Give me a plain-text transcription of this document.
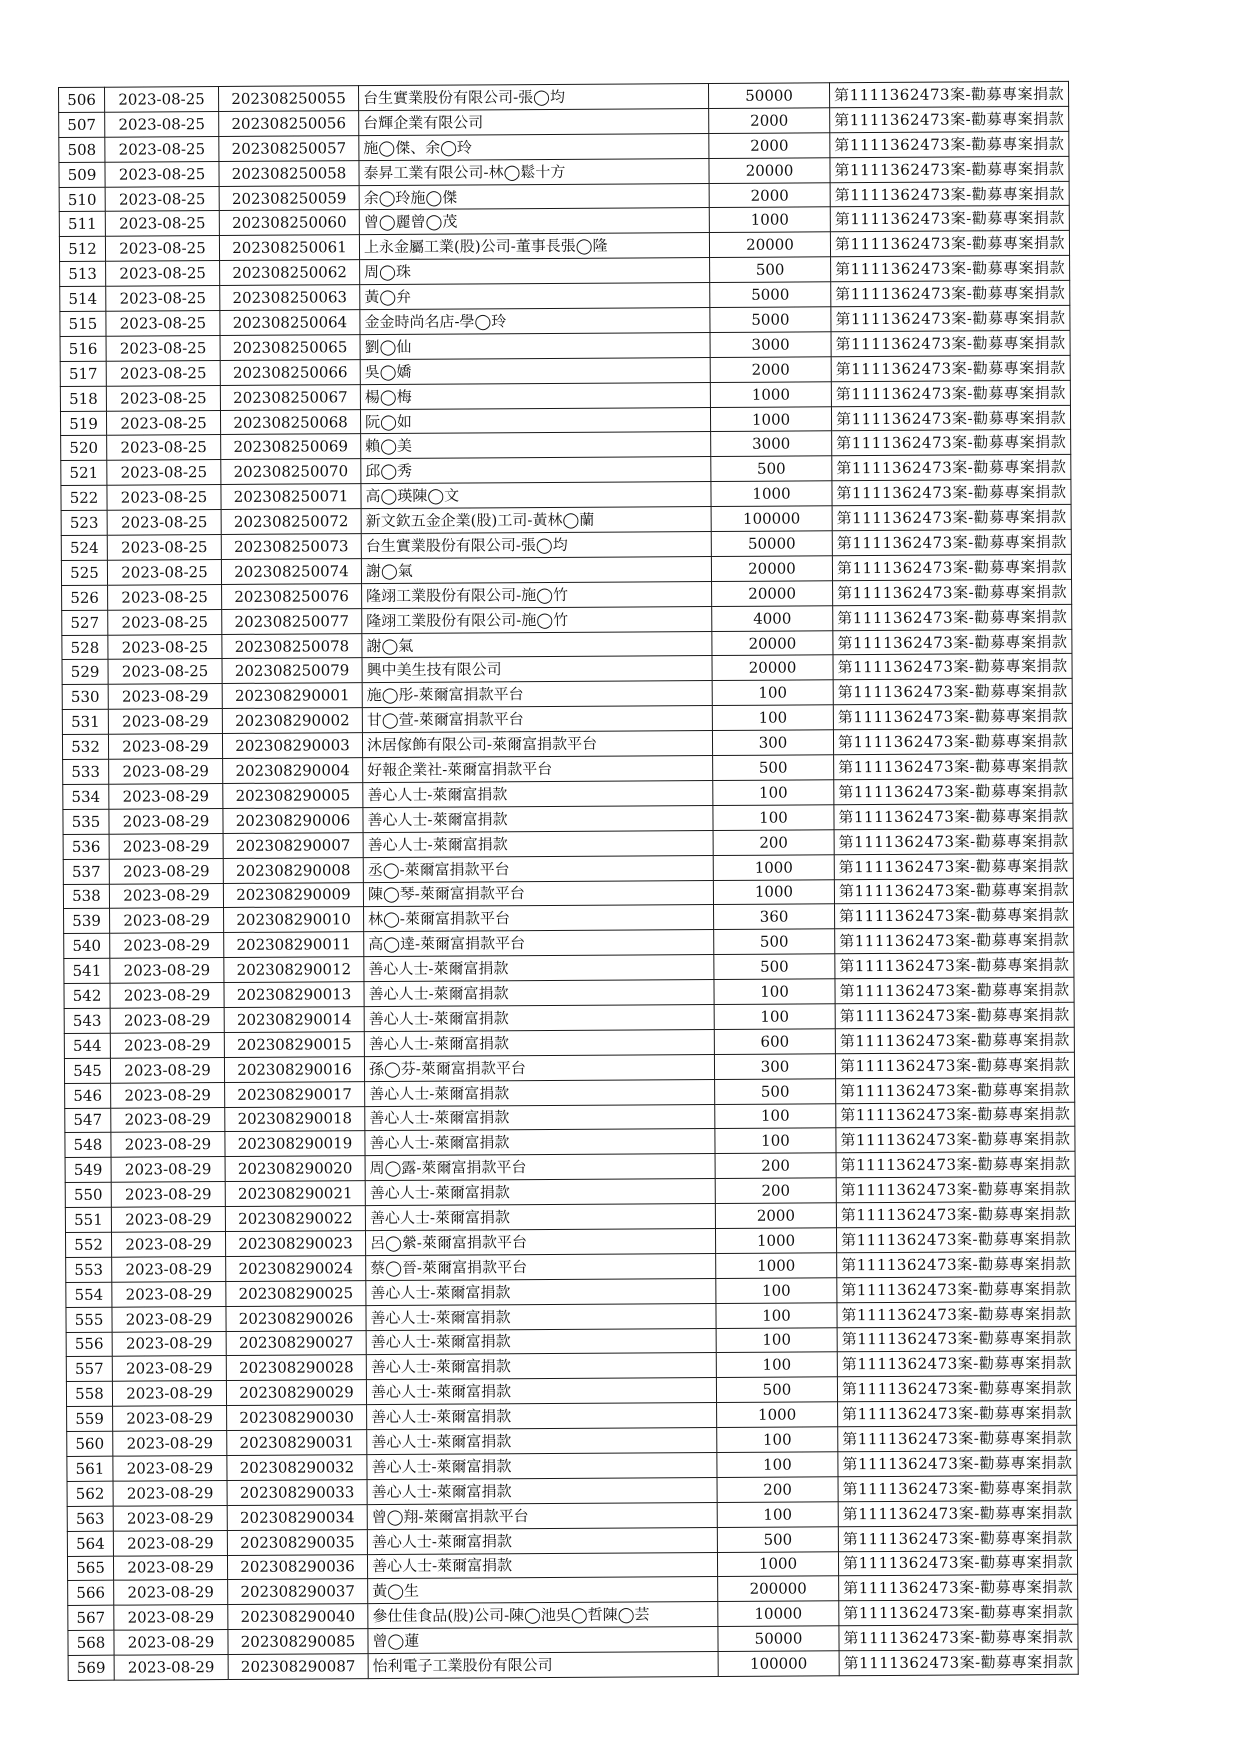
506	2023-08-25	202308250055	台生實業股份有限公司-張◯均	50000	第1111362473案-勸募專案捐款
507	2023-08-25	202308250056	台輝企業有限公司	2000	第1111362473案-勸募專案捐款
508	2023-08-25	202308250057	施◯傑、余◯玲	2000	第1111362473案-勸募專案捐款
509	2023-08-25	202308250058	泰昇工業有限公司-林◯鬆十方	20000	第1111362473案-勸募專案捐款
510	2023-08-25	202308250059	余◯玲施◯傑	2000	第1111362473案-勸募專案捐款
511	2023-08-25	202308250060	曾◯麗曾◯茂	1000	第1111362473案-勸募專案捐款
512	2023-08-25	202308250061	上永金屬工業(股)公司-董事長張◯隆	20000	第1111362473案-勸募專案捐款
513	2023-08-25	202308250062	周◯珠	500	第1111362473案-勸募專案捐款
514	2023-08-25	202308250063	黃◯弁	5000	第1111362473案-勸募專案捐款
515	2023-08-25	202308250064	金金時尚名店-學◯玲	5000	第1111362473案-勸募專案捐款
516	2023-08-25	202308250065	劉◯仙	3000	第1111362473案-勸募專案捐款
517	2023-08-25	202308250066	吳◯嬌	2000	第1111362473案-勸募專案捐款
518	2023-08-25	202308250067	楊◯梅	1000	第1111362473案-勸募專案捐款
519	2023-08-25	202308250068	阮◯如	1000	第1111362473案-勸募專案捐款
520	2023-08-25	202308250069	賴◯美	3000	第1111362473案-勸募專案捐款
521	2023-08-25	202308250070	邱◯秀	500	第1111362473案-勸募專案捐款
522	2023-08-25	202308250071	高◯瑛陳◯文	1000	第1111362473案-勸募專案捐款
523	2023-08-25	202308250072	新文欽五金企業(股)工司-黃林◯蘭	100000	第1111362473案-勸募專案捐款
524	2023-08-25	202308250073	台生實業股份有限公司-張◯均	50000	第1111362473案-勸募專案捐款
525	2023-08-25	202308250074	謝◯氣	20000	第1111362473案-勸募專案捐款
526	2023-08-25	202308250076	隆翊工業股份有限公司-施◯竹	20000	第1111362473案-勸募專案捐款
527	2023-08-25	202308250077	隆翊工業股份有限公司-施◯竹	4000	第1111362473案-勸募專案捐款
528	2023-08-25	202308250078	謝◯氣	20000	第1111362473案-勸募專案捐款
529	2023-08-25	202308250079	興中美生技有限公司	20000	第1111362473案-勸募專案捐款
530	2023-08-29	202308290001	施◯彤-萊爾富捐款平台	100	第1111362473案-勸募專案捐款
531	2023-08-29	202308290002	甘◯萱-萊爾富捐款平台	100	第1111362473案-勸募專案捐款
532	2023-08-29	202308290003	沐居傢飾有限公司-萊爾富捐款平台	300	第1111362473案-勸募專案捐款
533	2023-08-29	202308290004	好報企業社-萊爾富捐款平台	500	第1111362473案-勸募專案捐款
534	2023-08-29	202308290005	善心人士-萊爾富捐款	100	第1111362473案-勸募專案捐款
535	2023-08-29	202308290006	善心人士-萊爾富捐款	100	第1111362473案-勸募專案捐款
536	2023-08-29	202308290007	善心人士-萊爾富捐款	200	第1111362473案-勸募專案捐款
537	2023-08-29	202308290008	丞◯-萊爾富捐款平台	1000	第1111362473案-勸募專案捐款
538	2023-08-29	202308290009	陳◯琴-萊爾富捐款平台	1000	第1111362473案-勸募專案捐款
539	2023-08-29	202308290010	林◯-萊爾富捐款平台	360	第1111362473案-勸募專案捐款
540	2023-08-29	202308290011	高◯達-萊爾富捐款平台	500	第1111362473案-勸募專案捐款
541	2023-08-29	202308290012	善心人士-萊爾富捐款	500	第1111362473案-勸募專案捐款
542	2023-08-29	202308290013	善心人士-萊爾富捐款	100	第1111362473案-勸募專案捐款
543	2023-08-29	202308290014	善心人士-萊爾富捐款	100	第1111362473案-勸募專案捐款
544	2023-08-29	202308290015	善心人士-萊爾富捐款	600	第1111362473案-勸募專案捐款
545	2023-08-29	202308290016	孫◯芬-萊爾富捐款平台	300	第1111362473案-勸募專案捐款
546	2023-08-29	202308290017	善心人士-萊爾富捐款	500	第1111362473案-勸募專案捐款
547	2023-08-29	202308290018	善心人士-萊爾富捐款	100	第1111362473案-勸募專案捐款
548	2023-08-29	202308290019	善心人士-萊爾富捐款	100	第1111362473案-勸募專案捐款
549	2023-08-29	202308290020	周◯露-萊爾富捐款平台	200	第1111362473案-勸募專案捐款
550	2023-08-29	202308290021	善心人士-萊爾富捐款	200	第1111362473案-勸募專案捐款
551	2023-08-29	202308290022	善心人士-萊爾富捐款	2000	第1111362473案-勸募專案捐款
552	2023-08-29	202308290023	呂◯縈-萊爾富捐款平台	1000	第1111362473案-勸募專案捐款
553	2023-08-29	202308290024	蔡◯晉-萊爾富捐款平台	1000	第1111362473案-勸募專案捐款
554	2023-08-29	202308290025	善心人士-萊爾富捐款	100	第1111362473案-勸募專案捐款
555	2023-08-29	202308290026	善心人士-萊爾富捐款	100	第1111362473案-勸募專案捐款
556	2023-08-29	202308290027	善心人士-萊爾富捐款	100	第1111362473案-勸募專案捐款
557	2023-08-29	202308290028	善心人士-萊爾富捐款	100	第1111362473案-勸募專案捐款
558	2023-08-29	202308290029	善心人士-萊爾富捐款	500	第1111362473案-勸募專案捐款
559	2023-08-29	202308290030	善心人士-萊爾富捐款	1000	第1111362473案-勸募專案捐款
560	2023-08-29	202308290031	善心人士-萊爾富捐款	100	第1111362473案-勸募專案捐款
561	2023-08-29	202308290032	善心人士-萊爾富捐款	100	第1111362473案-勸募專案捐款
562	2023-08-29	202308290033	善心人士-萊爾富捐款	200	第1111362473案-勸募專案捐款
563	2023-08-29	202308290034	曾◯翔-萊爾富捐款平台	100	第1111362473案-勸募專案捐款
564	2023-08-29	202308290035	善心人士-萊爾富捐款	500	第1111362473案-勸募專案捐款
565	2023-08-29	202308290036	善心人士-萊爾富捐款	1000	第1111362473案-勸募專案捐款
566	2023-08-29	202308290037	黃◯生	200000	第1111362473案-勸募專案捐款
567	2023-08-29	202308290040	參仕佳食品(股)公司-陳◯池吳◯哲陳◯芸	10000	第1111362473案-勸募專案捐款
568	2023-08-29	202308290085	曾◯蓮	50000	第1111362473案-勸募專案捐款
569	2023-08-29	202308290087	怡利電子工業股份有限公司	100000	第1111362473案-勸募專案捐款
